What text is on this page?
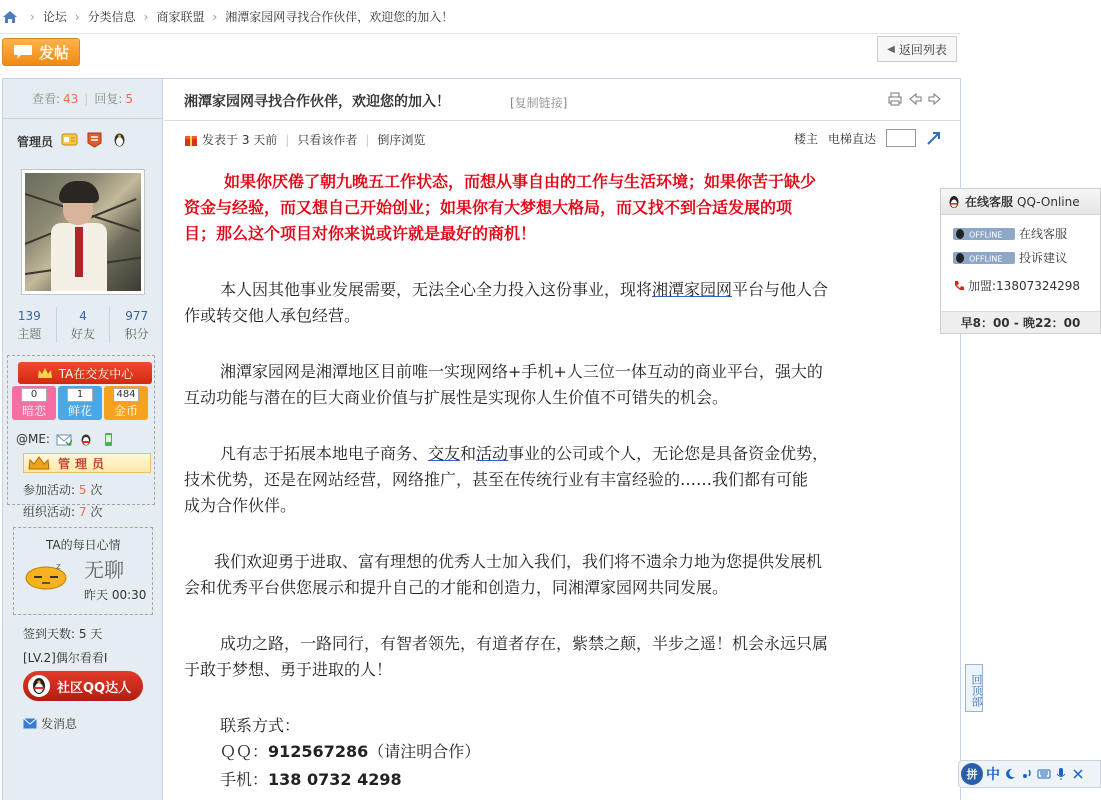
› 论坛 › 分类信息 › 商家联盟 › 湘潭家园网寻找合作伙伴，欢迎您的加入！
发帖	◀ 返回列表
查看: 43 | 回复: 5
管理员
139
主题
4
好友
977
积分
TA在交友中心
0
暗恋
1
鲜花
484
金币
@ME:
管理员
参加活动: 5 次
组织活动: 7 次
TA的每日心情
z 无聊
昨天 00:30
签到天数: 5 天
[LV.2]偶尔看看I
社区QQ达人
发消息
湘潭家园网寻找合作伙伴，欢迎您的加入！	[复制链接]
发表于 3 天前 | 只看该作者 | 倒序浏览	楼主 电梯直达
如果你厌倦了朝九晚五工作状态，而想从事自由的工作与生活环境；如果你苦于缺少
资金与经验，而又想自己开始创业；如果你有大梦想大格局，而又找不到合适发展的项
目；那么这个项目对你来说或许就是最好的商机！
本人因其他事业发展需要，无法全心全力投入这份事业，现将湘潭家园网平台与他人合
作或转交他人承包经营。
湘潭家园网是湘潭地区目前唯一实现网络+手机+人三位一体互动的商业平台，强大的
互动功能与潜在的巨大商业价值与扩展性是实现你人生价值不可错失的机会。
凡有志于拓展本地电子商务、交友和活动事业的公司或个人，无论您是具备资金优势，
技术优势，还是在网站经营，网络推广，甚至在传统行业有丰富经验的……我们都有可能
成为合作伙伴。
我们欢迎勇于进取、富有理想的优秀人士加入我们，我们将不遗余力地为您提供发展机
会和优秀平台供您展示和提升自己的才能和创造力，同湘潭家园网共同发展。
成功之路，一路同行，有智者领先，有道者存在，紫禁之颠，半步之遥！机会永远只属
于敢于梦想、勇于进取的人！
联系方式：
ＱＱ：912567286（请注明合作）
手机：138 0732 4298
在线客服 QQ-Online
OFFLINE 在线客服
OFFLINE 投诉建议
加盟:13807324298
早8：00 - 晚22：00
回顶部
拼 中
